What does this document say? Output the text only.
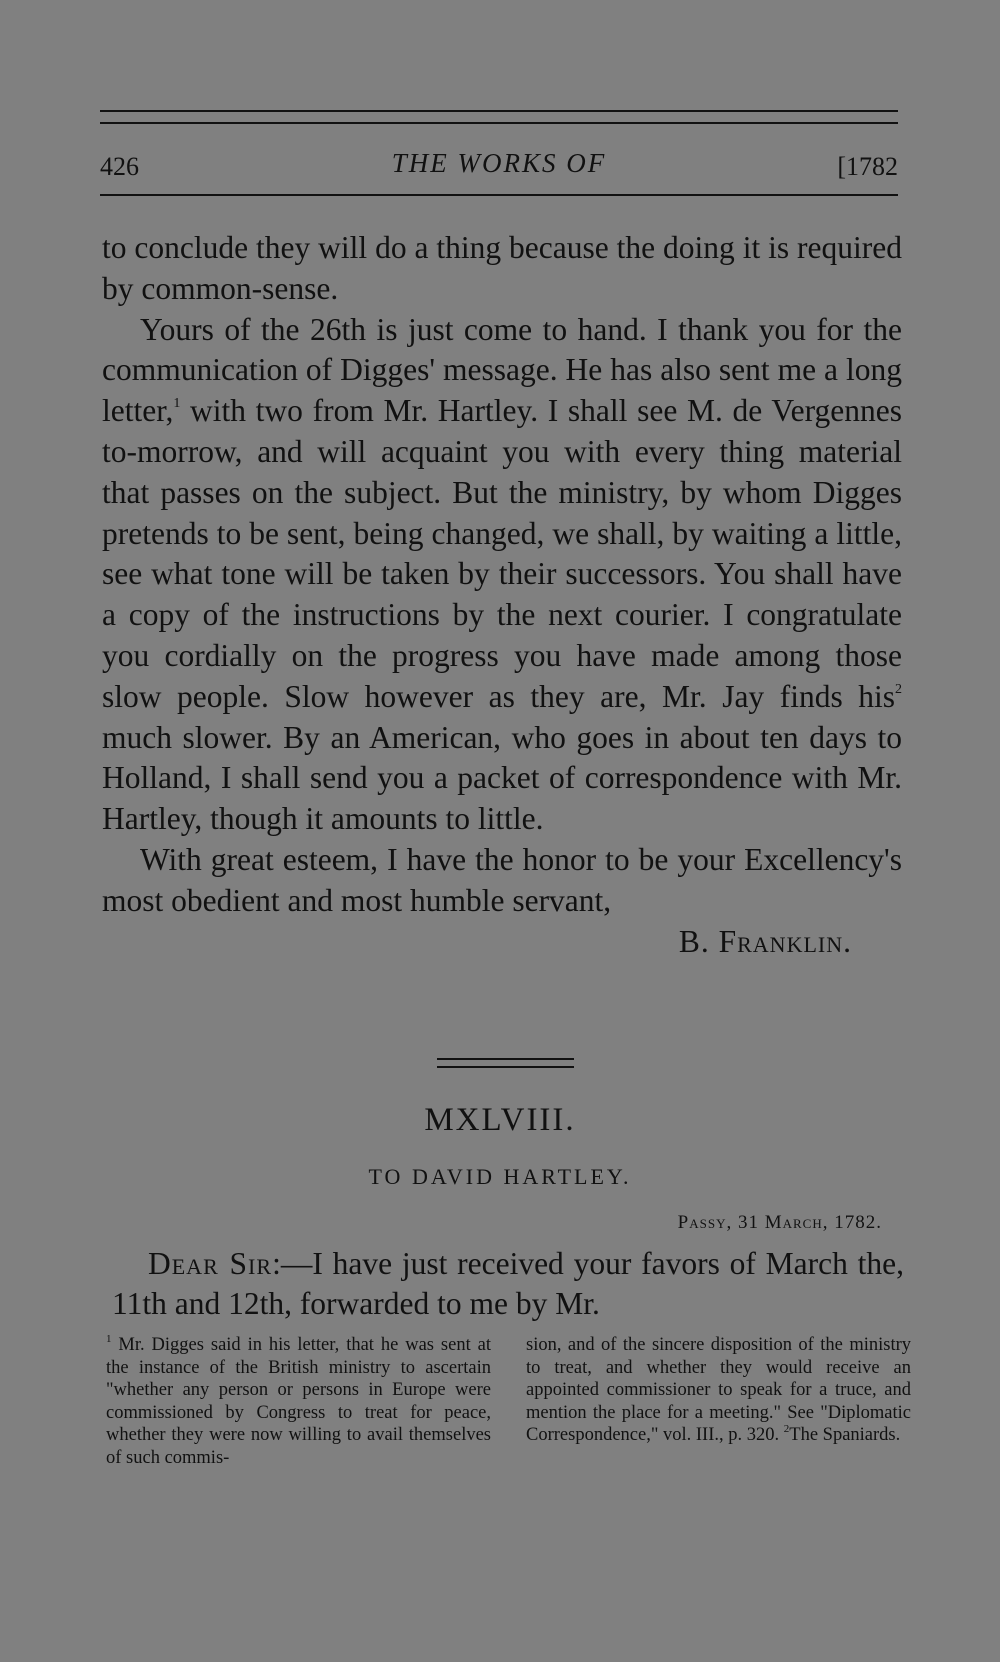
426	THE WORKS OF	[1782

to conclude they will do a thing because the doing it is required by common-sense.

Yours of the 26th is just come to hand. I thank you for the communication of Digges' message. He has also sent me a long letter,$^1$ with two from Mr. Hartley. I shall see M. de Vergennes to-morrow, and will acquaint you with every thing material that passes on the subject. But the ministry, by whom Digges pretends to be sent, being changed, we shall, by waiting a little, see what tone will be taken by their successors. You shall have a copy of the instructions by the next courier. I congratulate you cordially on the progress you have made among those slow people. Slow however as they are, Mr. Jay finds his$^2$ much slower. By an American, who goes in about ten days to Holland, I shall send you a packet of correspondence with Mr. Hartley, though it amounts to little.

With great esteem, I have the honor to be your Excellency's most obedient and most humble servant,

B. Franklin.

MXLVIII.
TO DAVID HARTLEY.
Passy, 31 March, 1782.

Dear Sir:—I have just received your favors of March the, 11th and 12th, forwarded to me by Mr.

$^1$ Mr. Digges said in his letter, that he was sent at the instance of the British ministry to ascertain "whether any person or persons in Europe were commissioned by Congress to treat for peace, whether they were now willing to avail themselves of such commis-

sion, and of the sincere disposition of the ministry to treat, and whether they would receive an appointed commissioner to speak for a truce, and mention the place for a meeting." See "Diplomatic Correspondence," vol. III., p. 320. $^2$The Spaniards.
